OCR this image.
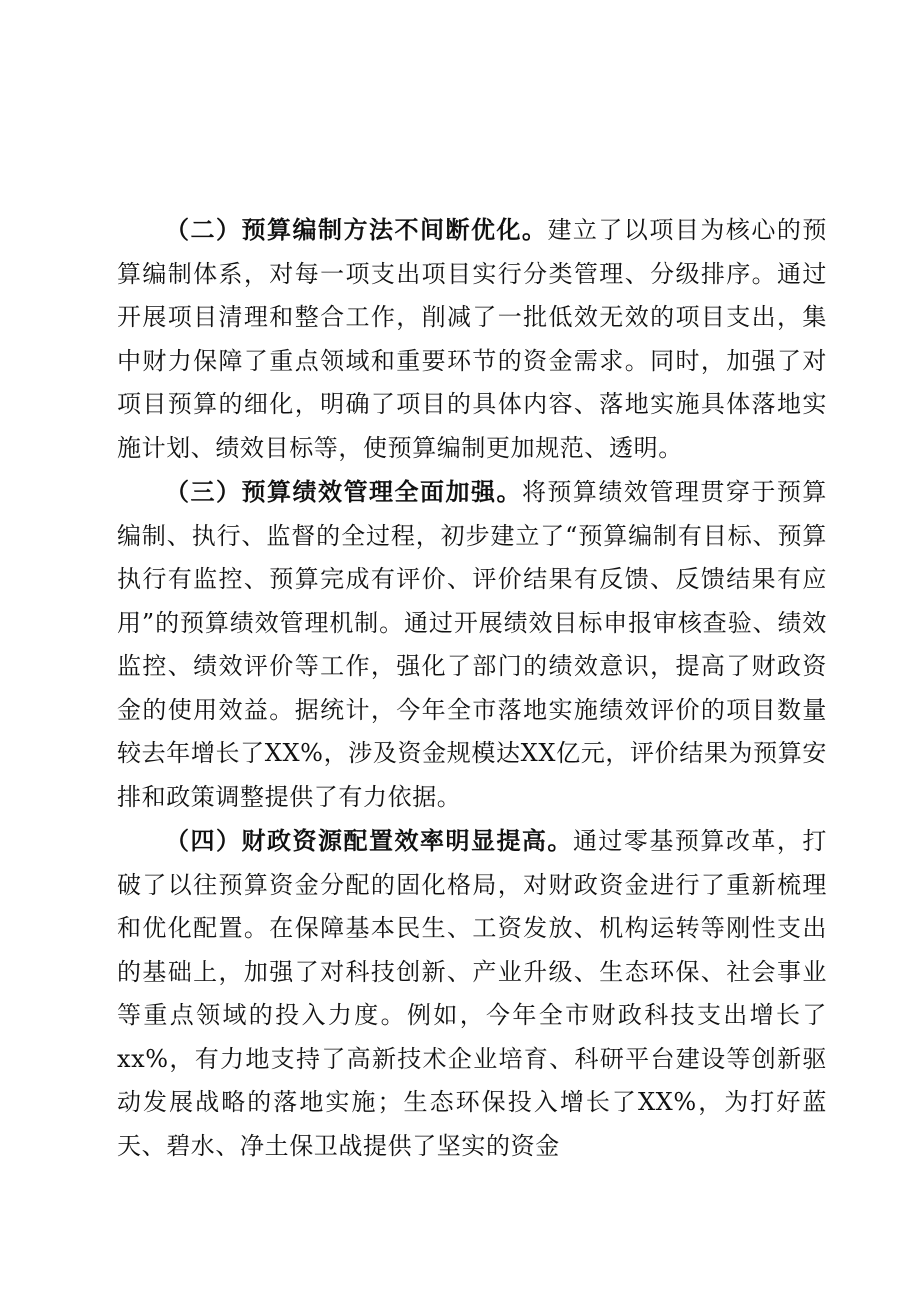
（二）预算编制方法不间断优化。建立了以项目为核心的预算编制体系，对每一项支出项目实行分类管理、分级排序。通过开展项目清理和整合工作，削减了一批低效无效的项目支出，集中财力保障了重点领域和重要环节的资金需求。同时，加强了对项目预算的细化，明确了项目的具体内容、落地实施具体落地实施计划、绩效目标等，使预算编制更加规范、透明。

（三）预算绩效管理全面加强。将预算绩效管理贯穿于预算编制、执行、监督的全过程，初步建立了“预算编制有目标、预算执行有监控、预算完成有评价、评价结果有反馈、反馈结果有应用”的预算绩效管理机制。通过开展绩效目标申报审核查验、绩效监控、绩效评价等工作，强化了部门的绩效意识，提高了财政资金的使用效益。据统计，今年全市落地实施绩效评价的项目数量较去年增长了XX%，涉及资金规模达XX亿元，评价结果为预算安排和政策调整提供了有力依据。

（四）财政资源配置效率明显提高。通过零基预算改革，打破了以往预算资金分配的固化格局，对财政资金进行了重新梳理和优化配置。在保障基本民生、工资发放、机构运转等刚性支出的基础上，加强了对科技创新、产业升级、生态环保、社会事业等重点领域的投入力度。例如，今年全市财政科技支出增长了xx%，有力地支持了高新技术企业培育、科研平台建设等创新驱动发展战略的落地实施；生态环保投入增长了XX%，为打好蓝天、碧水、净土保卫战提供了坚实的资金
